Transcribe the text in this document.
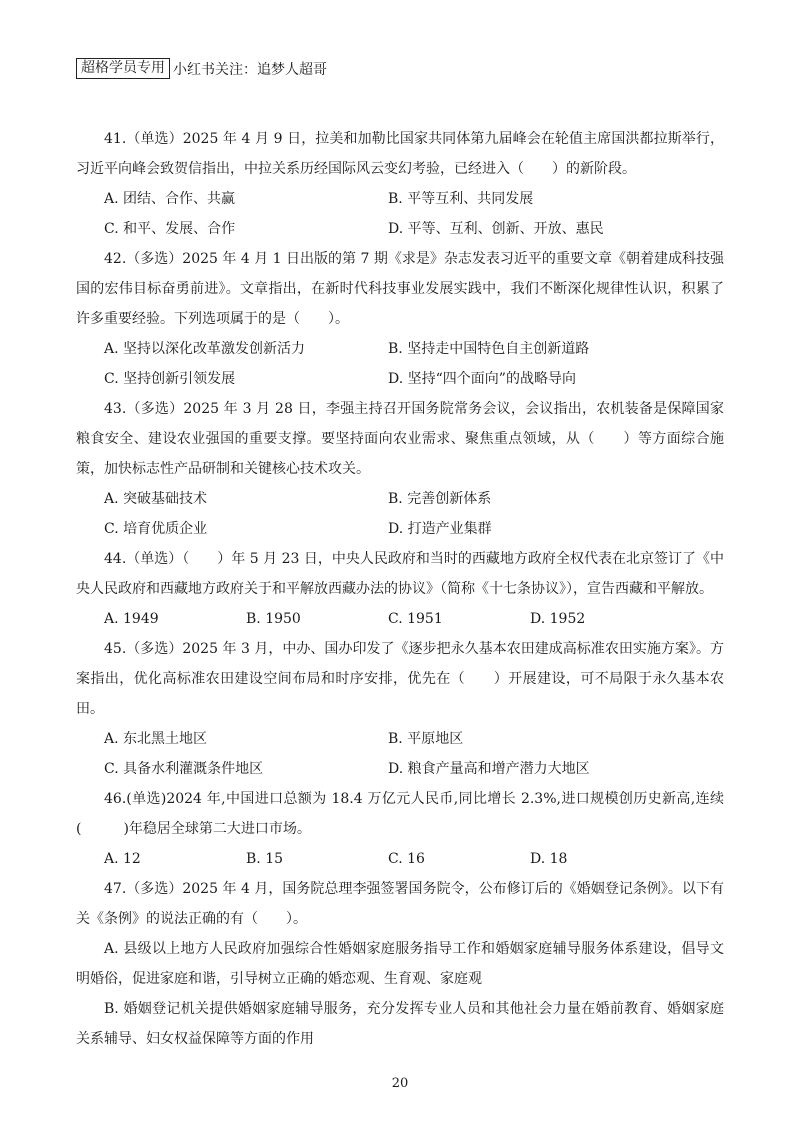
超格学员专用 小红书关注：追梦人超哥

41.（单选）2025 年 4 月 9 日，拉美和加勒比国家共同体第九届峰会在轮值主席国洪都拉斯举行，习近平向峰会致贺信指出，中拉关系历经国际风云变幻考验，已经进入（　　）的新阶段。

A. 团结、合作、共赢	B. 平等互利、共同发展
C. 和平、发展、合作	D. 平等、互利、创新、开放、惠民

42.（多选）2025 年 4 月 1 日出版的第 7 期《求是》杂志发表习近平的重要文章《朝着建成科技强国的宏伟目标奋勇前进》。文章指出，在新时代科技事业发展实践中，我们不断深化规律性认识，积累了许多重要经验。下列选项属于的是（　　）。

A. 坚持以深化改革激发创新活力	B. 坚持走中国特色自主创新道路
C. 坚持创新引领发展	D. 坚持“四个面向”的战略导向

43.（多选）2025 年 3 月 28 日，李强主持召开国务院常务会议，会议指出，农机装备是保障国家粮食安全、建设农业强国的重要支撑。要坚持面向农业需求、聚焦重点领域，从（　　）等方面综合施策，加快标志性产品研制和关键核心技术攻关。

A. 突破基础技术	B. 完善创新体系
C. 培育优质企业	D. 打造产业集群

44.（单选）（　　）年 5 月 23 日，中央人民政府和当时的西藏地方政府全权代表在北京签订了《中央人民政府和西藏地方政府关于和平解放西藏办法的协议》（简称《十七条协议》），宣告西藏和平解放。

A. 1949	B. 1950	C. 1951	D. 1952

45.（多选）2025 年 3 月，中办、国办印发了《逐步把永久基本农田建成高标准农田实施方案》。方案指出，优化高标准农田建设空间布局和时序安排，优先在（　　）开展建设，可不局限于永久基本农田。

A. 东北黑土地区	B. 平原地区
C. 具备水利灌溉条件地区	D. 粮食产量高和增产潜力大地区

46.(单选)2024 年,中国进口总额为 18.4 万亿元人民币,同比增长 2.3%,进口规模创历史新高,连续(　　　)年稳居全球第二大进口市场。

A. 12	B. 15	C. 16	D. 18

47.（多选）2025 年 4 月，国务院总理李强签署国务院令，公布修订后的《婚姻登记条例》。以下有关《条例》的说法正确的有（　　）。

A. 县级以上地方人民政府加强综合性婚姻家庭服务指导工作和婚姻家庭辅导服务体系建设，倡导文明婚俗，促进家庭和谐，引导树立正确的婚恋观、生育观、家庭观

B. 婚姻登记机关提供婚姻家庭辅导服务，充分发挥专业人员和其他社会力量在婚前教育、婚姻家庭关系辅导、妇女权益保障等方面的作用

20
